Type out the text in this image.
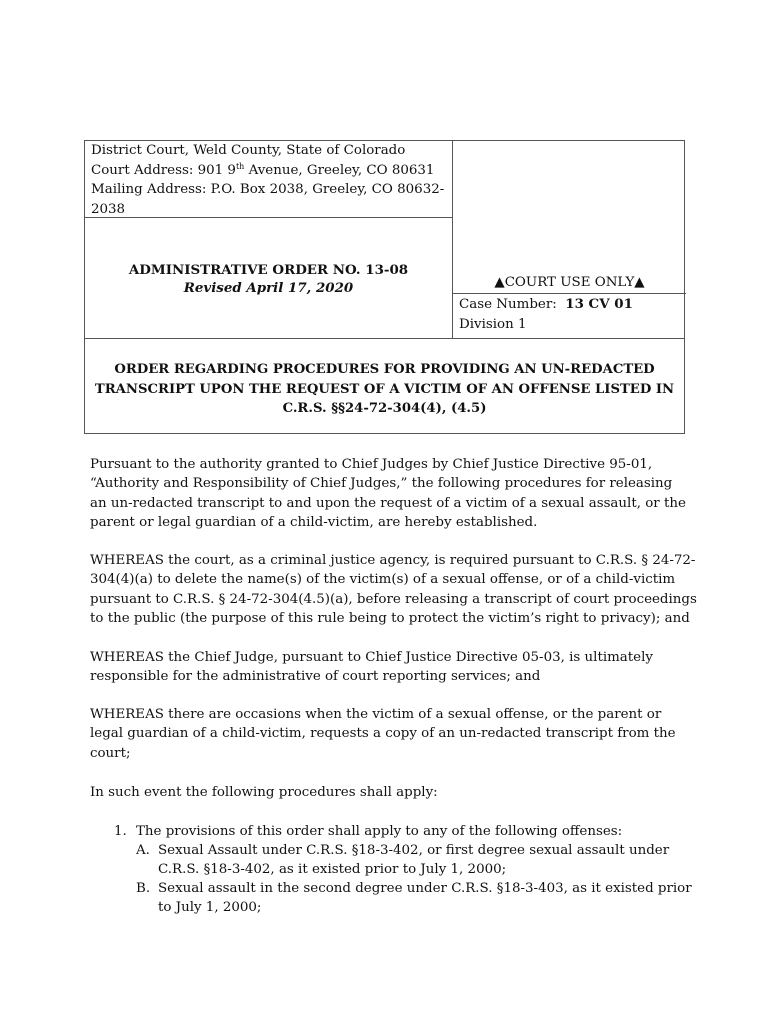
District Court, Weld County, State of Colorado
Court Address: 901 9th Avenue, Greeley, CO 80631
Mailing Address: P.O. Box 2038, Greeley, CO 80632-
2038
ADMINISTRATIVE ORDER NO. 13-08
Revised April 17, 2020	▲COURT USE ONLY▲
Case Number: 13 CV 01
Division 1
ORDER REGARDING PROCEDURES FOR PROVIDING AN UN-REDACTED
TRANSCRIPT UPON THE REQUEST OF A VICTIM OF AN OFFENSE LISTED IN
C.R.S. §§24-72-304(4), (4.5)
Pursuant to the authority granted to Chief Judges by Chief Justice Directive 95-01,
“Authority and Responsibility of Chief Judges,” the following procedures for releasing
an un-redacted transcript to and upon the request of a victim of a sexual assault, or the
parent or legal guardian of a child-victim, are hereby established.
WHEREAS the court, as a criminal justice agency, is required pursuant to C.R.S. § 24-72-
304(4)(a) to delete the name(s) of the victim(s) of a sexual offense, or of a child-victim
pursuant to C.R.S. § 24-72-304(4.5)(a), before releasing a transcript of court proceedings
to the public (the purpose of this rule being to protect the victim’s right to privacy); and
WHEREAS the Chief Judge, pursuant to Chief Justice Directive 05-03, is ultimately
responsible for the administrative of court reporting services; and
WHEREAS there are occasions when the victim of a sexual offense, or the parent or
legal guardian of a child-victim, requests a copy of an un-redacted transcript from the
court;
In such event the following procedures shall apply:
1. The provisions of this order shall apply to any of the following offenses:
A. Sexual Assault under C.R.S. §18-3-402, or first degree sexual assault under
C.R.S. §18-3-402, as it existed prior to July 1, 2000;
B. Sexual assault in the second degree under C.R.S. §18-3-403, as it existed prior
to July 1, 2000;
